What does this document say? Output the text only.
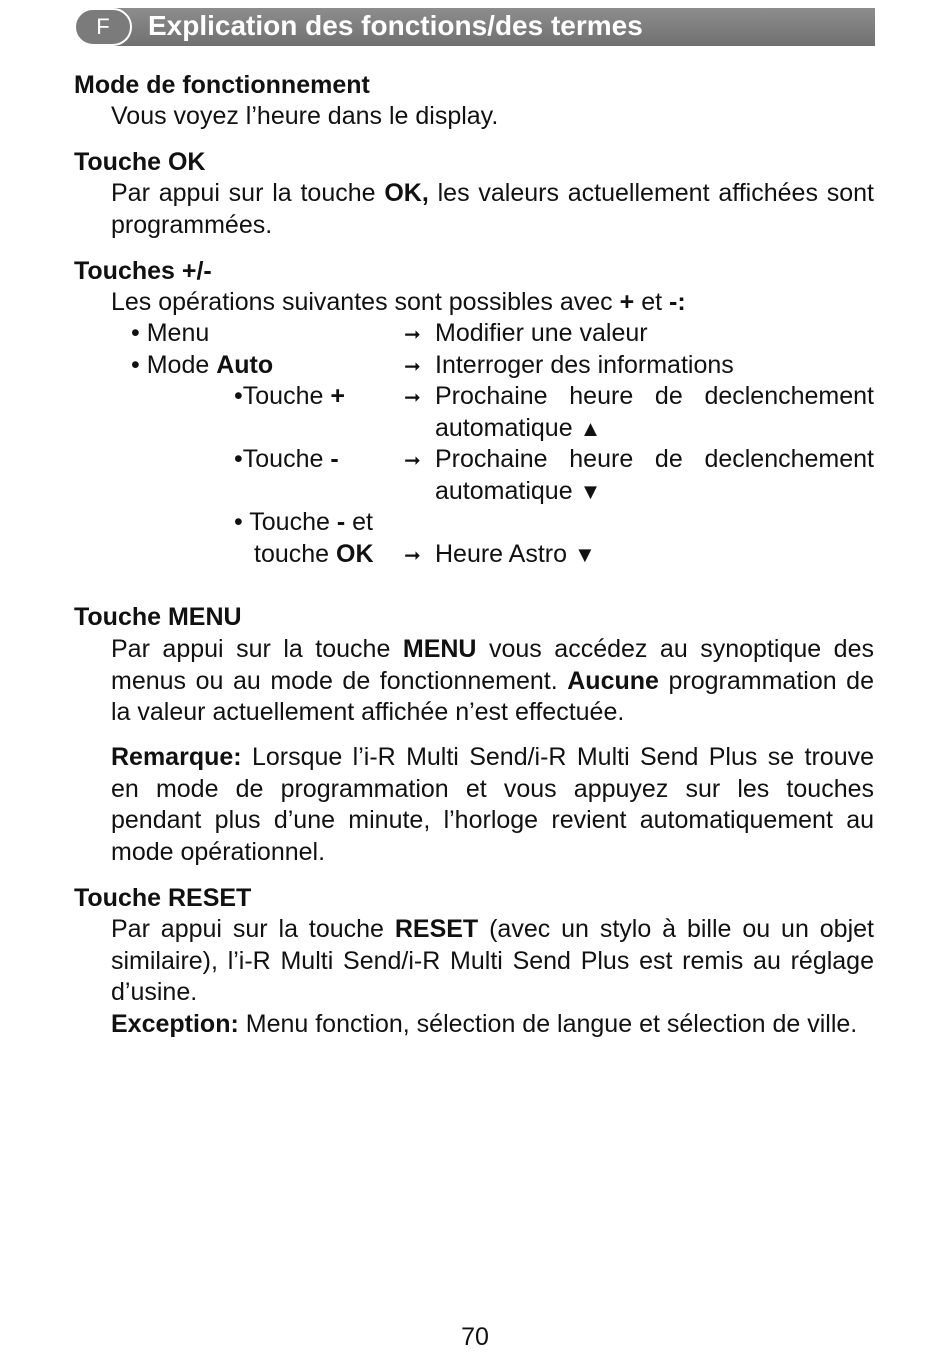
Explication des fonctions/des termes
F
Mode de fonctionnement
Vous voyez l’heure dans le display.
Touche OK
Par appui sur la touche OK, les valeurs actuellement affichées sont programmées.
Touches +/-
Les opérations suivantes sont possibles avec + et -:
• Menu	➞ Modifier une valeur
• Mode Auto	➞ Interroger des informations
•Touche +	➞ Prochaine heure de declenchement
automatique ▲
•Touche -	➞ Prochaine heure de declenchement
automatique ▼
• Touche - et
touche OK ➞ Heure Astro ▼
Touche MENU
Par appui sur la touche MENU vous accédez au synoptique des menus ou au mode de fonctionnement. Aucune programmation de la valeur actuellement affichée n’est effectuée.
Remarque: Lorsque l’i-R Multi Send/i-R Multi Send Plus se trouve en mode de programmation et vous appuyez sur les touches pendant plus d’une minute, l’horloge revient automatiquement au mode opérationnel.
Touche RESET
Par appui sur la touche RESET (avec un stylo à bille ou un objet similaire), l’i-R Multi Send/i-R Multi Send Plus est remis au réglage d’usine.
Exception: Menu fonction, sélection de langue et sélection de ville.
70
